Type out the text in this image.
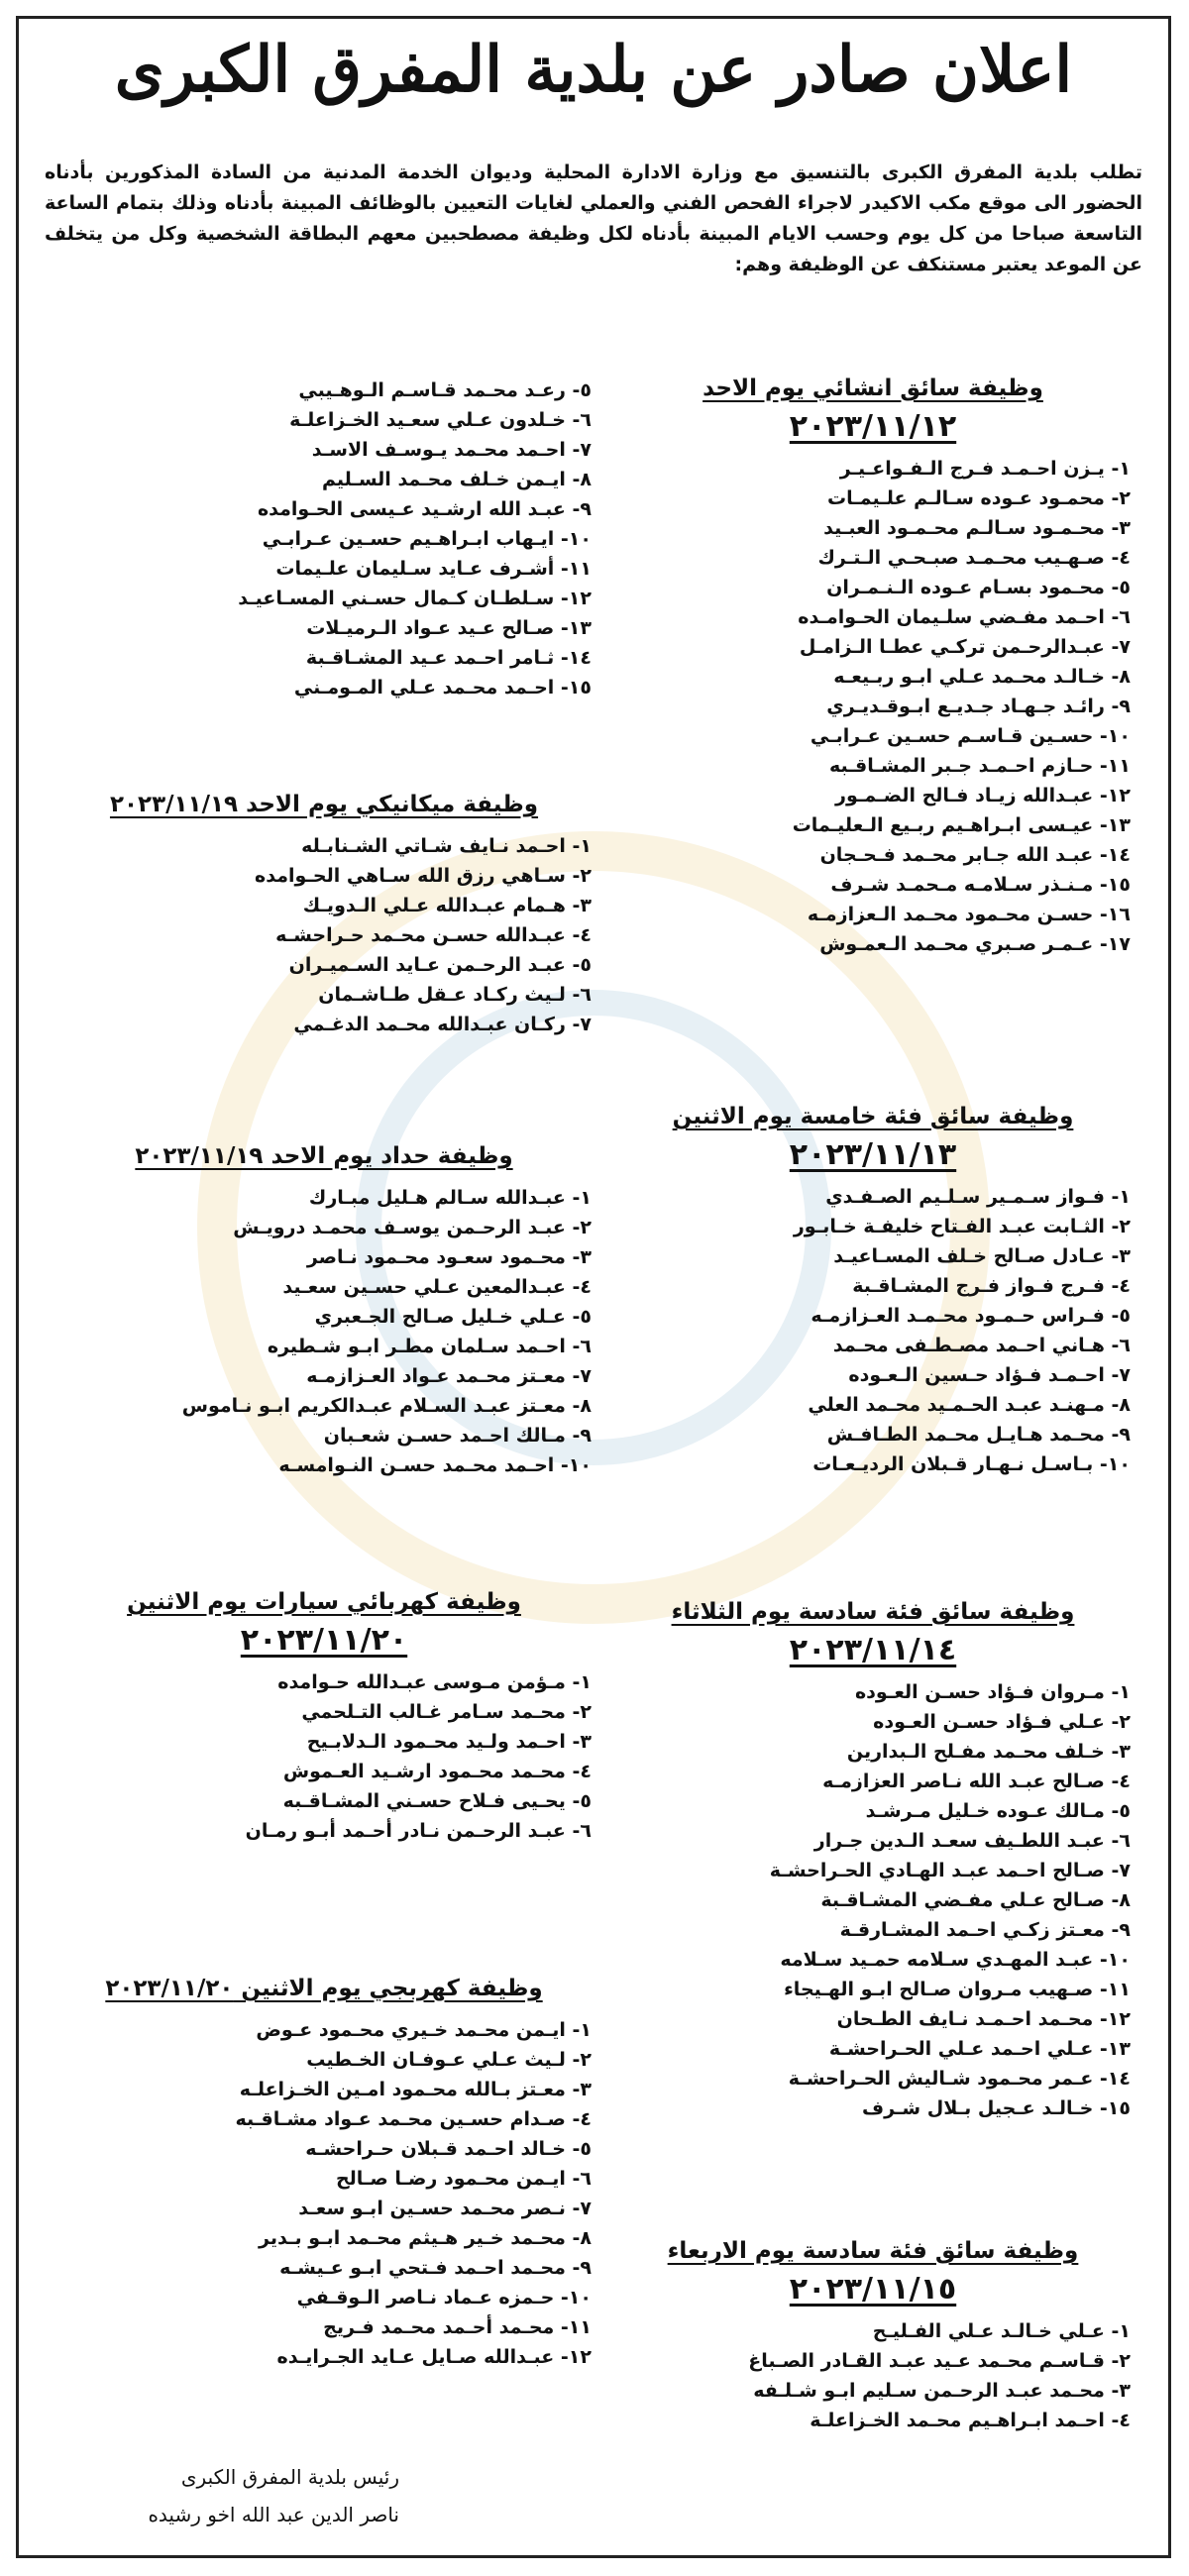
اعلان صادر عن بلدية المفرق الكبرى
تطلب بلدية المفرق الكبرى بالتنسيق مع وزارة الادارة المحلية وديوان الخدمة المدنية من السادة المذكورين بأدناه الحضور الى موقع مكب الاكيدر لاجراء الفحص الفني والعملي لغايات التعيين بالوظائف المبينة بأدناه وذلك بتمام الساعة التاسعة صباحا من كل يوم وحسب الايام المبينة بأدناه لكل وظيفة مصطحبين معهم البطاقة الشخصية وكل من يتخلف عن الموعد يعتبر مستنكف عن الوظيفة وهم:
وظيفة سائق انشائي يوم الاحد
٢٠٢٣/١١/١٢
١- يـزن احـمـد فـرج الـفـواعـيـر
٢- محمـود عـوده سـالـم علـيمـات
٣- محـمـود سـالـم محـمـود العبـيد
٤- صـهـيب محـمـد صبـحـي الـتـرك
٥- محـمود بسـام عـوده الـنـمـران
٦- احـمد مفـضي سلـيمان الحـوامـده
٧- عبـدالرحـمن تركـي عطـا الـزامـل
٨- خـالـد محـمد عـلي ابـو ربـيعـه
٩- رائـد جـهـاد جـديـع ابـوقـديـري
١٠- حسـين قـاسـم حسـين عـرابـي
١١- حـازم احـمـد جـبر المشـاقـبه
١٢- عبـدالله زيـاد فـالح الضـمـور
١٣- عيـسى ابـراهـيم ربـيع الـعليـمات
١٤- عبـد الله جـابر محـمد فـحـجان
١٥- مـنـذر سـلامـه مـحمـد شـرف
١٦- حسـن محـمود محـمد الـعزازمـه
١٧- عـمـر صـبري محـمد الـعمـوش
وظيفة سائق فئة خامسة يوم الاثنين
٢٠٢٣/١١/١٣
١- فـواز سـمـير سـلـيم الصـفـدي
٢- الثـابت عبـد الفـتاح خليفـة خـابـور
٣- عـادل صـالح خـلف المسـاعيـد
٤- فـرج فـواز فـرج المشـاقـبة
٥- فـراس حـمـود محـمـد العـزازمـه
٦- هـاني احـمد مصـطـفى محـمد
٧- احـمـد فـؤاد حـسين الـعـوده
٨- مـهنـد عبـد الحـمـيد محـمد العلي
٩- محـمد هـايـل محـمد الطـافـش
١٠- بـاسـل نـهـار قـبلان الرديـعـات
وظيفة سائق فئة سادسة يوم الثلاثاء
٢٠٢٣/١١/١٤
١- مـروان فـؤاد حسـن العـوده
٢- عـلي فـؤاد حسـن العـوده
٣- خـلف محـمد مفـلح الـبدارين
٤- صـالح عبـد الله نـاصر العزازمـه
٥- مـالك عـوده خـليل مـرشـد
٦- عبـد اللطـيف سعـد الـدين جـرار
٧- صـالح احـمد عبـد الهـادي الحـراحشـة
٨- صـالح عـلي مفـضي المشـاقـبة
٩- معـتز زكـي احـمد المشـارقـة
١٠- عبـد المهـدي سـلامه حمـيد سـلامه
١١- صـهيب مـروان صـالح ابـو الهـيجاء
١٢- محـمد احـمـد نـايف الطـحان
١٣- عـلي احـمد عـلي الحـراحشـة
١٤- عـمر محـمود شـاليش الحـراحشـة
١٥- خـالـد عـجيل بـلال شـرف
وظيفة سائق فئة سادسة يوم الاربعاء
٢٠٢٣/١١/١٥
١- عـلي خـالـد عـلي الفـليـح
٢- قـاسـم محـمد عـيد عبـد القـادر الصـباغ
٣- محـمد عبـد الرحـمن سـليم ابـو شـلـفه
٤- احـمد ابـراهـيم محـمد الخـزاعلـة
٥- رعـد محـمد قـاسـم الـوهـيبي
٦- خـلدون عـلي سعـيد الخـزاعلـة
٧- احـمد محـمد يـوسـف الاسـد
٨- ايـمن خـلف محـمد السـليم
٩- عبـد الله ارشـيد عـيسى الحـوامده
١٠- ايـهاب ابـراهـيم حسـين عـرابـي
١١- أشـرف عـايد سـليمان علـيمات
١٢- سـلطـان كـمال حسـني المسـاعيـد
١٣- صـالح عـيد عـواد الـرميـلات
١٤- ثـامر احـمد عـيد المشـاقـبة
١٥- احـمد محـمد عـلي المـومـني
وظيفة ميكانيكي يوم الاحد ٢٠٢٣/١١/١٩
١- احـمد نـايف شـاتي الشـنابـله
٢- سـاهي رزق الله سـاهي الحـوامده
٣- هـمام عبـدالله عـلي الـدويـك
٤- عبـدالله حسـن محـمد حـراحشـه
٥- عبـد الرحـمن عـايد السـميـران
٦- لـيث ركـاد عـقل طـاشـمان
٧- ركـان عبـدالله محـمد الدغـمي
وظيفة حداد يوم الاحد ٢٠٢٣/١١/١٩
١- عبـدالله سـالم هـليل مبـارك
٢- عبـد الرحـمن يوسـف محمـد درويـش
٣- محـمود سعـود محـمود نـاصر
٤- عبـدالمعين عـلي حسـين سعـيد
٥- عـلي خـليل صـالح الجـعبري
٦- احـمد سـلمان مطـر ابـو شـطيره
٧- معـتز محـمد عـواد العـزازمـه
٨- معـتز عبـد السـلام عبـدالكريم ابـو نـاموس
٩- مـالك احـمد حسـن شعـبان
١٠- احـمد محـمد حسـن النـوامسـه
وظيفة كهربائي سيارات يوم الاثنين
٢٠٢٣/١١/٢٠
١- مـؤمن مـوسى عبـدالله حـوامده
٢- محـمد سـامر غـالب التـلحمي
٣- احـمد ولـيد محـمود الـدلابـيح
٤- محـمد محـمود ارشـيد العـموش
٥- يحـيى فـلاح حسـني المشـاقـبه
٦- عبـد الرحـمن نـادر أحـمد أبـو رمـان
وظيفة كهربجي يوم الاثنين ٢٠٢٣/١١/٢٠
١- ايـمن محـمد خـيري محـمود عـوض
٢- لـيث عـلي عـوفـان الخـطيب
٣- معـتز بـالله محـمود امـين الخـزاعلـه
٤- صـدام حسـين محـمد عـواد مشـاقـبه
٥- خـالد احـمد قـبلان حـراحشـه
٦- ايـمن محـمود رضـا صـالح
٧- نـصر محـمد حسـين ابـو سعـد
٨- محـمد خـير هـيثم محـمد ابـو بـدير
٩- محـمد احـمد فـتحي ابـو عـيشـه
١٠- حـمزه عـماد نـاصر الـوقـفي
١١- محـمد أحـمد محـمد فـريج
١٢- عبـدالله صـايل عـايد الجـرايـده
رئيس بلدية المفرق الكبرى
ناصر الدين عبد الله اخو رشيده
